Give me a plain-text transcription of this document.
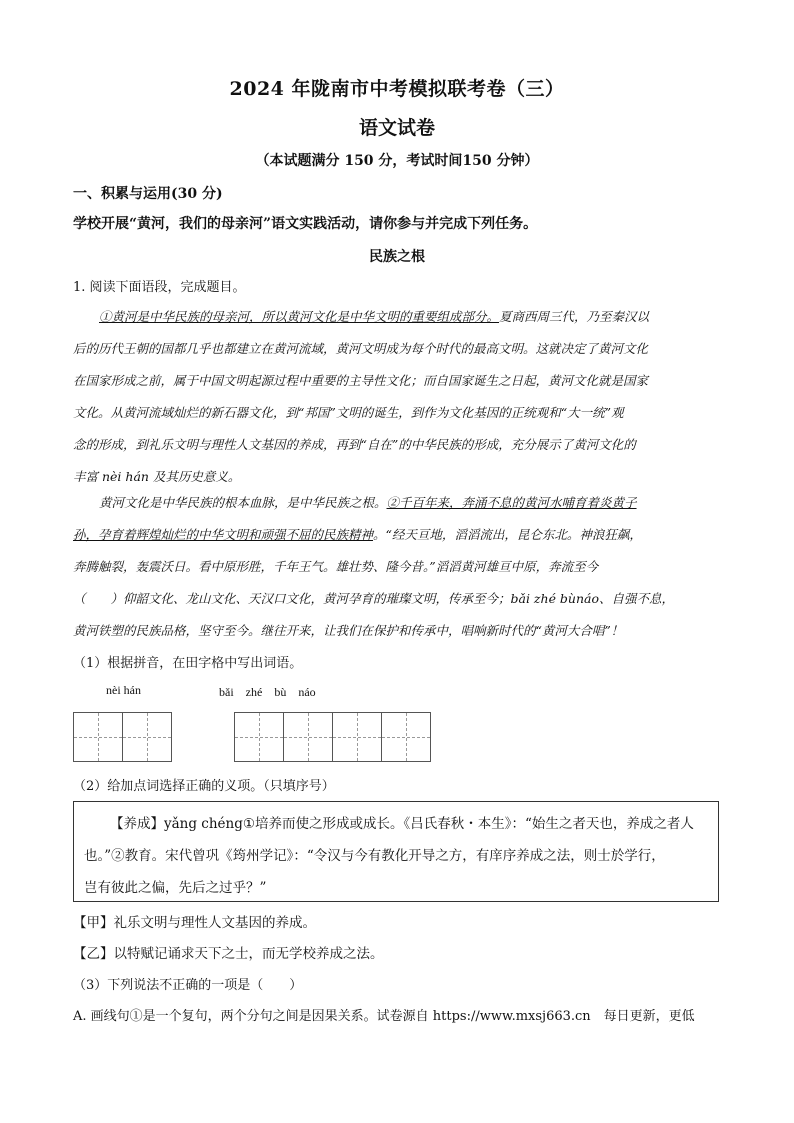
2024 年陇南市中考模拟联考卷（三）
语文试卷
（本试题满分 150 分，考试时间150 分钟）
一、积累与运用(30 分)
学校开展“黄河，我们的母亲河”语文实践活动，请你参与并完成下列任务。
民族之根
1. 阅读下面语段，完成题目。
①黄河是中华民族的母亲河，所以黄河文化是中华文明的重要组成部分。夏商西周三代，乃至秦汉以
后的历代王朝的国都几乎也都建立在黄河流域，黄河文明成为每个时代的最高文明。这就决定了黄河文化
在国家形成之前，属于中国文明起源过程中重要的主导性文化；而自国家诞生之日起，黄河文化就是国家
文化。从黄河流域灿烂的新石器文化，到“邦国”文明的诞生，到作为文化基因的正统观和“大一统”观
念的形成，到礼乐文明与理性人文基因的养成，再到“自在”的中华民族的形成，充分展示了黄河文化的
丰富 nèi hán 及其历史意义。
黄河文化是中华民族的根本血脉，是中华民族之根。②千百年来，奔涌不息的黄河水哺育着炎黄子
孙，孕育着辉煌灿烂的中华文明和顽强不屈的民族精神。“经天亘地，滔滔流出，昆仑东北。神浪狂飙，
奔腾触裂，轰震沃日。看中原形胜，千年王气。雄壮势、隆今昔。”滔滔黄河雄亘中原，奔流至今
（　　）仰韶文化、龙山文化、天汉口文化，黄河孕育的璀璨文明，传承至今；bǎi zhé bùnáo、自强不息，
黄河铁塑的民族品格，坚守至今。继往开来，让我们在保护和传承中，唱响新时代的“黄河大合唱”！
（1）根据拼音，在田字格中写出词语。
nèi hán	bǎi　zhé　bù　náo
（2）给加点词选择正确的义项。（只填序号）
【养成】yǎng chéng①培养而使之形成或成长。《吕氏春秋・本生》：“始生之者天也，养成之者人
也。”②教育。宋代曾巩《筠州学记》：“令汉与今有教化开导之方，有庠序养成之法，则士於学行，
岂有彼此之偏，先后之过乎？”
【甲】礼乐文明与理性人文基因的养成。
【乙】以特赋记诵求天下之士，而无学校养成之法。
（3）下列说法不正确的一项是（　　）
A. 画线句①是一个复句，两个分句之间是因果关系。试卷源自 https://www.mxsj663.cn　每日更新，更低
